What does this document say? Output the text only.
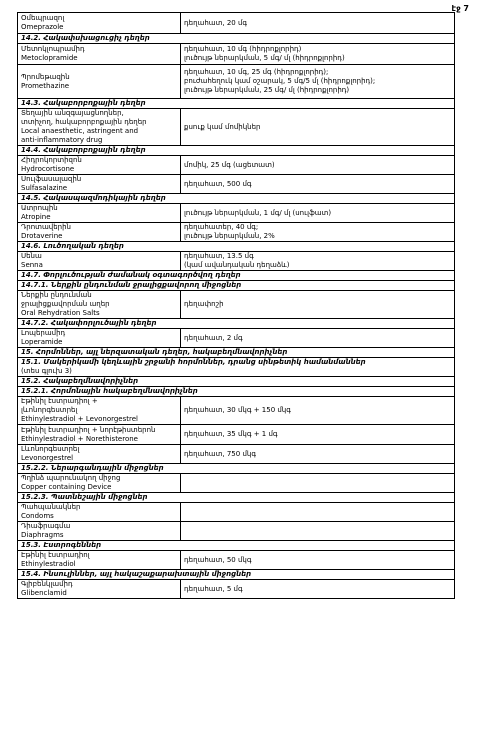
էջ 7
Օմեպրազոլ
Omeprazole	դեղահատ, 20 մգ

14.2. Հակափսխացուցիչ դեղեր	

Մետոկլոպրամիդ
Metoclopramide	դեղահատ, 10 մգ (հիդրոքլորիդ)
լուծույթ ներարկման, 5 մգ/ մլ (հիդրոքլորիդ)

Պրոմեթազին
Promethazine	դեղահատ, 10 մգ, 25 մգ (հիդրոքլորիդ);
բուժահեղուկ կամ օշարակ, 5 մգ/5 մլ (հիդրոքլորիդ);
լուծույթ ներարկման, 25 մգ/ մլ (հիդրոքլորիդ)

14.3. Հակաբորբոքային դեղեր	

Տեղային անզգայացնողներ,
տտիչող, հակաբորբոքային դեղեր
Local anaesthetic, astringent and
anti-inflammatory drug	քսուք կամ մոմիկներ

14.4. Հակաբորբոքային դեղեր	

Հիդրոկորտիզոն
Hydrocortisone	մոմիկ, 25 մգ (ացետատ)

Սուլֆասալազին
Sulfasalazine	դեղահատ, 500 մգ

14.5. Հակասպազմոդիկային դեղեր	

Ատրոպին
Atropine	լուծույթ ներարկման, 1 մգ/ մլ (սուլֆատ)

Դրոտավերին
Drotaverine	դեղահատեր, 40 մգ;
լուծույթ ներարկման, 2%

14.6. Լուծողական դեղեր	

Սենա
Senna	դեղահատ, 13.5 մգ
(կամ ավանդական դեղաձև)

14.7. Փորլուծության ժամանակ օգտագործվող դեղեր	

14.7.1. Ներքին ընդունման ջրալիցքավորող միջոցներ	

Ներքին ընդունման
ջրալիցքավորման աղեր
Oral Rehydration Salts	դեղափոշի

14.7.2. Հակափորլուծային դեղեր	

Լոպերամիդ
Loperamide	դեղահատ, 2 մգ

15. Հորմոններ, այլ ներզատական դեղեր, հակաբեղմնավորիչներ	

15.1. Մակերիկամի կեղևային շրջանի հորմոններ, դրանց սինթետիկ համանմաններ
(տես գլուխ 3)	

15.2. Հակաբեղմնավորիչներ	

15.2.1. Հորմոնային հակաբեղմնավորիչներ	

Էթինիլ էստրադիոլ +
լևոնորգեստրել
Ethinylestradiol + Levonorgestrel	դեղահատ, 30 մկգ + 150 մկգ

Էթինիլ էստրադիոլ + նորէթիստերոն
Ethinylestradiol + Norethisterone	դեղահատ, 35 մկգ + 1 մգ

Լևոնորգեստրել
Levonorgestrel	դեղահատ, 750 մկգ

15.2.2. Ներարգանդային միջոցներ	

Պղինձ պարունակող միջոց
Copper containing Device	

15.2.3. Պատնեշային միջոցներ	

Պահպանակներ
Condoms	

Դիաֆրագմա
Diaphragms	

15.3. Էստրոգեններ	

Էթինիլ էստրադիոլ
Ethinylestradiol	դեղահատ, 50 մկգ

15.4. Ինսուլիններ, այլ հակաշաքարախտային միջոցներ	

Գլիբենկլամիդ
Glibenclamid	դեղահատ, 5 մգ
